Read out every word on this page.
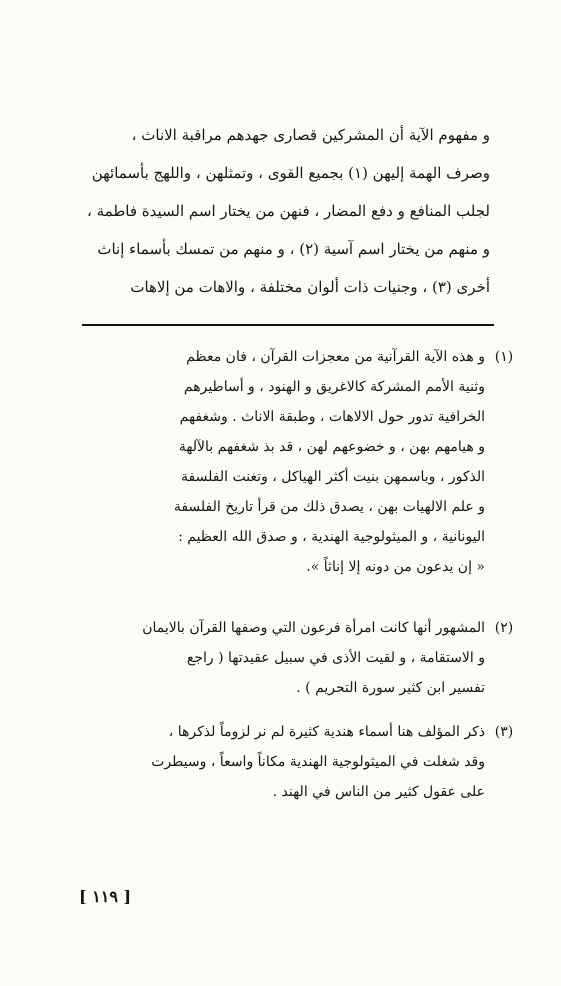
و مفهوم الآية أن المشركين قصارى جهدهم مراقبة الاناث ،
وصرف الهمة إليهن (١) بجميع القوى ، وتمثلهن ، واللهج بأسمائهن
لجلب المنافع و دفع المضار ، فنهن من يختار اسم السيدة فاطمة ،
و منهم من يختار اسم آسية (٢) ، و منهم من تمسك بأسماء إناث
أخرى (٣) ، وجنيات ذات ألوان مختلفة ، والاهات من إلاهات
(١)
و هذه الآية القرآنية من معجزات القرآن ، فان معظم
وثنية الأمم المشركة كالاغريق و الهنود ، و أساطيرهم
الخرافية تدور حول الالاهات ، وطبقة الاناث . وشغفهم
و هيامهم بهن ، و خضوعهم لهن ، قد بذ شغفهم بالآلهة
الذكور ، وباسمهن بنيت أكثر الهياكل ، وتغنت الفلسفة
و علم الالهيات بهن ، يصدق ذلك من قرأ تاريخ الفلسفة
اليونانية ، و الميثولوجية الهندية ، و صدق الله العظيم :
« إن يدعون من دونه إلا إناثاً ».
(٢)
المشهور أنها كانت امرأة فرعون التي وصفها القرآن بالايمان
و الاستقامة ، و لقيت الأذى في سبيل عقيدتها ( راجع
تفسير ابن كثير سورة التحريم ) .
(٣)
ذكر المؤلف هنا أسماء هندية كثيرة لم نر لزوماً لذكرها ،
وقد شغلت في الميثولوجية الهندية مكاناً واسعاً ، وسيطرت
على عقول كثير من الناس في الهند .
[ ١١٩ ]
